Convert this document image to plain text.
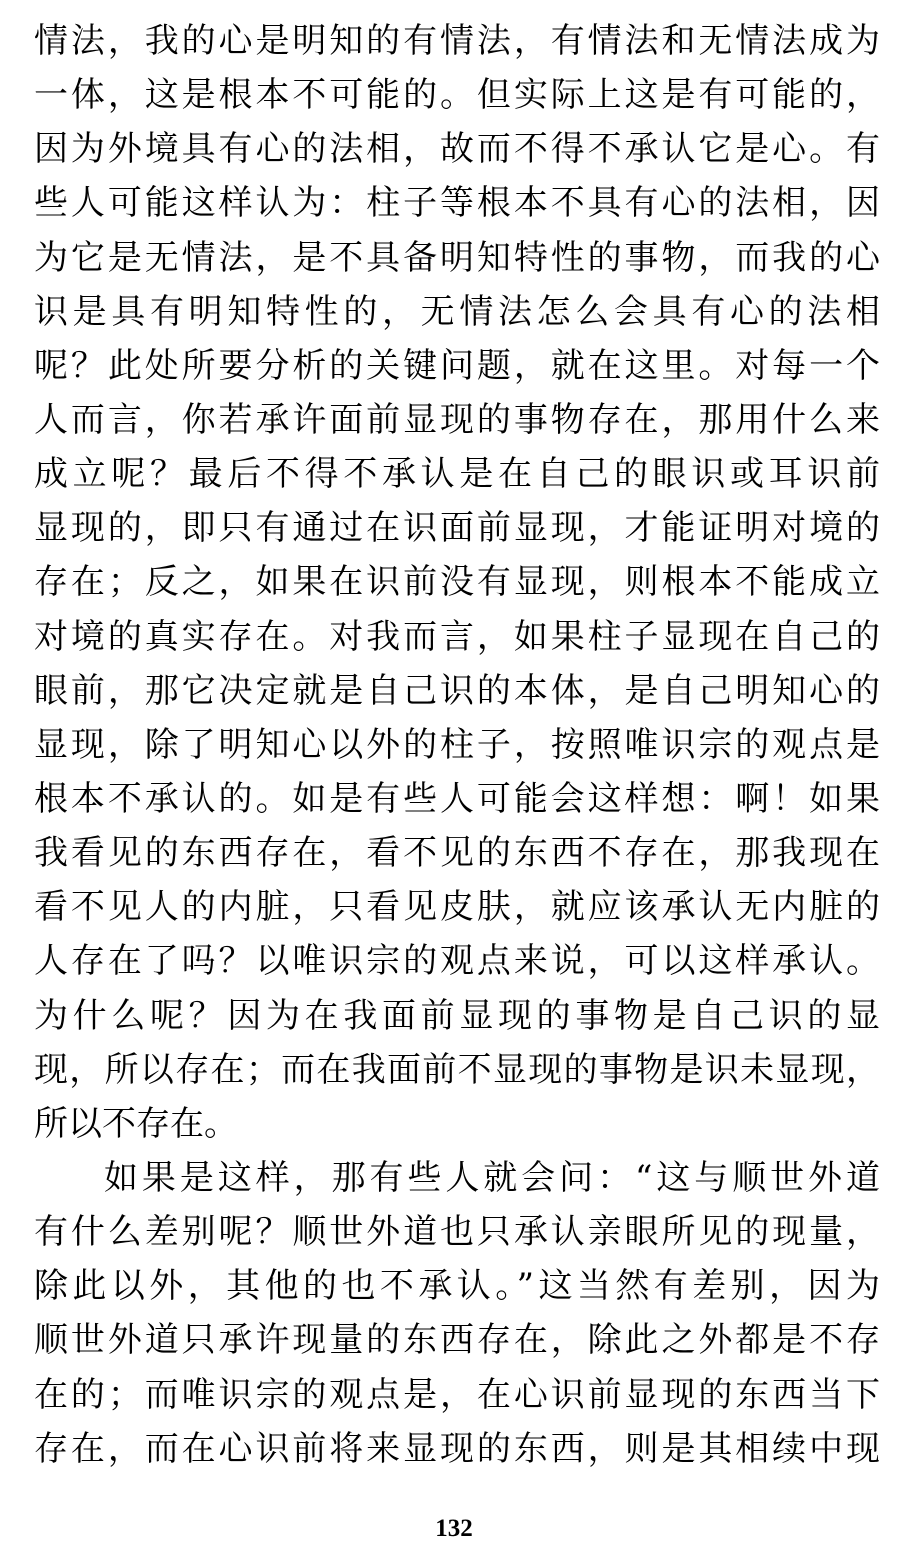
情法，我的心是明知的有情法，有情法和无情法成为
一体，这是根本不可能的。但实际上这是有可能的，
因为外境具有心的法相，故而不得不承认它是心。有
些人可能这样认为：柱子等根本不具有心的法相，因
为它是无情法，是不具备明知特性的事物，而我的心
识是具有明知特性的，无情法怎么会具有心的法相
呢？此处所要分析的关键问题，就在这里。对每一个
人而言，你若承许面前显现的事物存在，那用什么来
成立呢？最后不得不承认是在自己的眼识或耳识前
显现的，即只有通过在识面前显现，才能证明对境的
存在；反之，如果在识前没有显现，则根本不能成立
对境的真实存在。对我而言，如果柱子显现在自己的
眼前，那它决定就是自己识的本体，是自己明知心的
显现，除了明知心以外的柱子，按照唯识宗的观点是
根本不承认的。如是有些人可能会这样想：啊！如果
我看见的东西存在，看不见的东西不存在，那我现在
看不见人的内脏，只看见皮肤，就应该承认无内脏的
人存在了吗？以唯识宗的观点来说，可以这样承认。
为什么呢？因为在我面前显现的事物是自己识的显
现，所以存在；而在我面前不显现的事物是识未显现，
所以不存在。
如果是这样，那有些人就会问：“这与顺世外道
有什么差别呢？顺世外道也只承认亲眼所见的现量，
除此以外，其他的也不承认。”这当然有差别，因为
顺世外道只承许现量的东西存在，除此之外都是不存
在的；而唯识宗的观点是，在心识前显现的东西当下
存在，而在心识前将来显现的东西，则是其相续中现
132
